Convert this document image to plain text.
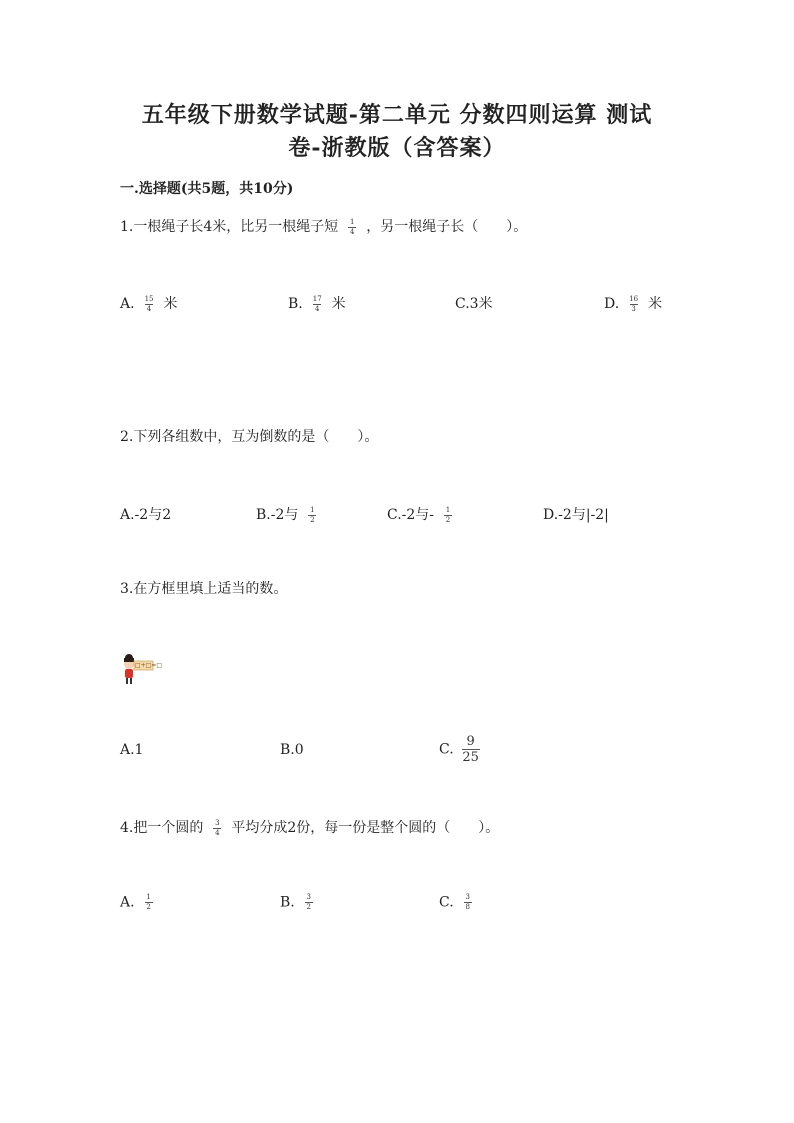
五年级下册数学试题-第二单元 分数四则运算 测试
卷-浙教版（含答案）
一.选择题(共5题，共10分)
1.一根绳子长4米，比另一根绳子短 $\frac{1}{4}$ ，另一根绳子长（　　）。
A. $\frac{15}{4}$ 米	B. $\frac{17}{4}$ 米	C.3米	D. $\frac{16}{3}$ 米
2.下列各组数中，互为倒数的是（　　）。
A.-2与2	B.-2与 $\frac{1}{2}$	C.-2与- $\frac{1}{2}$	D.-2与|-2|
3.在方框里填上适当的数。
□+□=□
A.1	B.0	C. $\frac{9}{25}$
4.把一个圆的 $\frac{3}{4}$ 平均分成2份，每一份是整个圆的（　　）。
A. $\frac{1}{2}$	B. $\frac{3}{2}$	C. $\frac{3}{8}$
